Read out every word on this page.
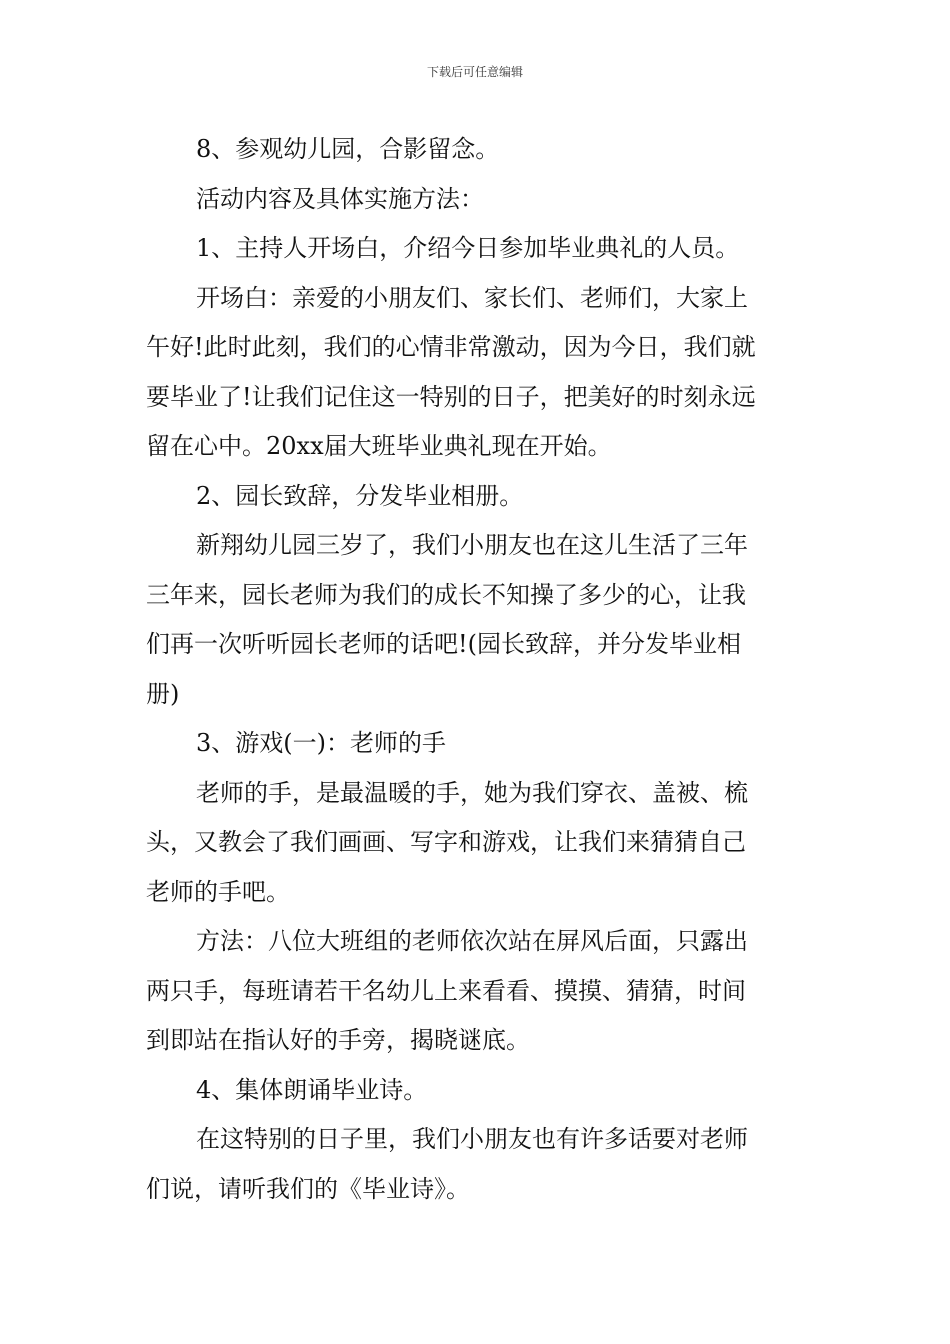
下载后可任意编辑
8、参观幼儿园，合影留念。
活动内容及具体实施方法：
1、主持人开场白，介绍今日参加毕业典礼的人员。
开场白：亲爱的小朋友们、家长们、老师们，大家上
午好!此时此刻，我们的心情非常激动，因为今日，我们就
要毕业了!让我们记住这一特别的日子，把美好的时刻永远
留在心中。20xx届大班毕业典礼现在开始。
2、园长致辞，分发毕业相册。
新翔幼儿园三岁了，我们小朋友也在这儿生活了三年
三年来，园长老师为我们的成长不知操了多少的心，让我
们再一次听听园长老师的话吧!(园长致辞，并分发毕业相
册)
3、游戏(一)：老师的手
老师的手，是最温暖的手，她为我们穿衣、盖被、梳
头，又教会了我们画画、写字和游戏，让我们来猜猜自己
老师的手吧。
方法：八位大班组的老师依次站在屏风后面，只露出
两只手，每班请若干名幼儿上来看看、摸摸、猜猜，时间
到即站在指认好的手旁，揭晓谜底。
4、集体朗诵毕业诗。
在这特别的日子里，我们小朋友也有许多话要对老师
们说，请听我们的《毕业诗》。
